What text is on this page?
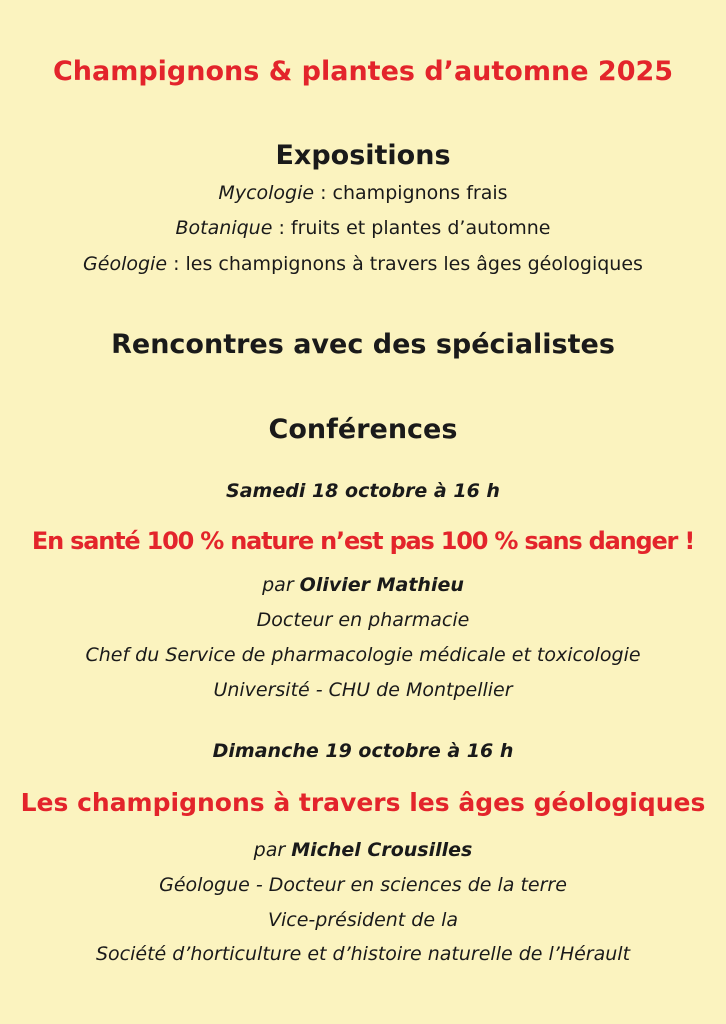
Champignons & plantes d’automne 2025
Expositions
Mycologie : champignons frais
Botanique : fruits et plantes d’automne
Géologie : les champignons à travers les âges géologiques
Rencontres avec des spécialistes
Conférences
Samedi 18 octobre à 16 h
En santé 100 % nature n’est pas 100 % sans danger !
par Olivier Mathieu
Docteur en pharmacie
Chef du Service de pharmacologie médicale et toxicologie
Université - CHU de Montpellier
Dimanche 19 octobre à 16 h
Les champignons à travers les âges géologiques
par Michel Crousilles
Géologue - Docteur en sciences de la terre
Vice-président de la
Société d’horticulture et d’histoire naturelle de l’Hérault
